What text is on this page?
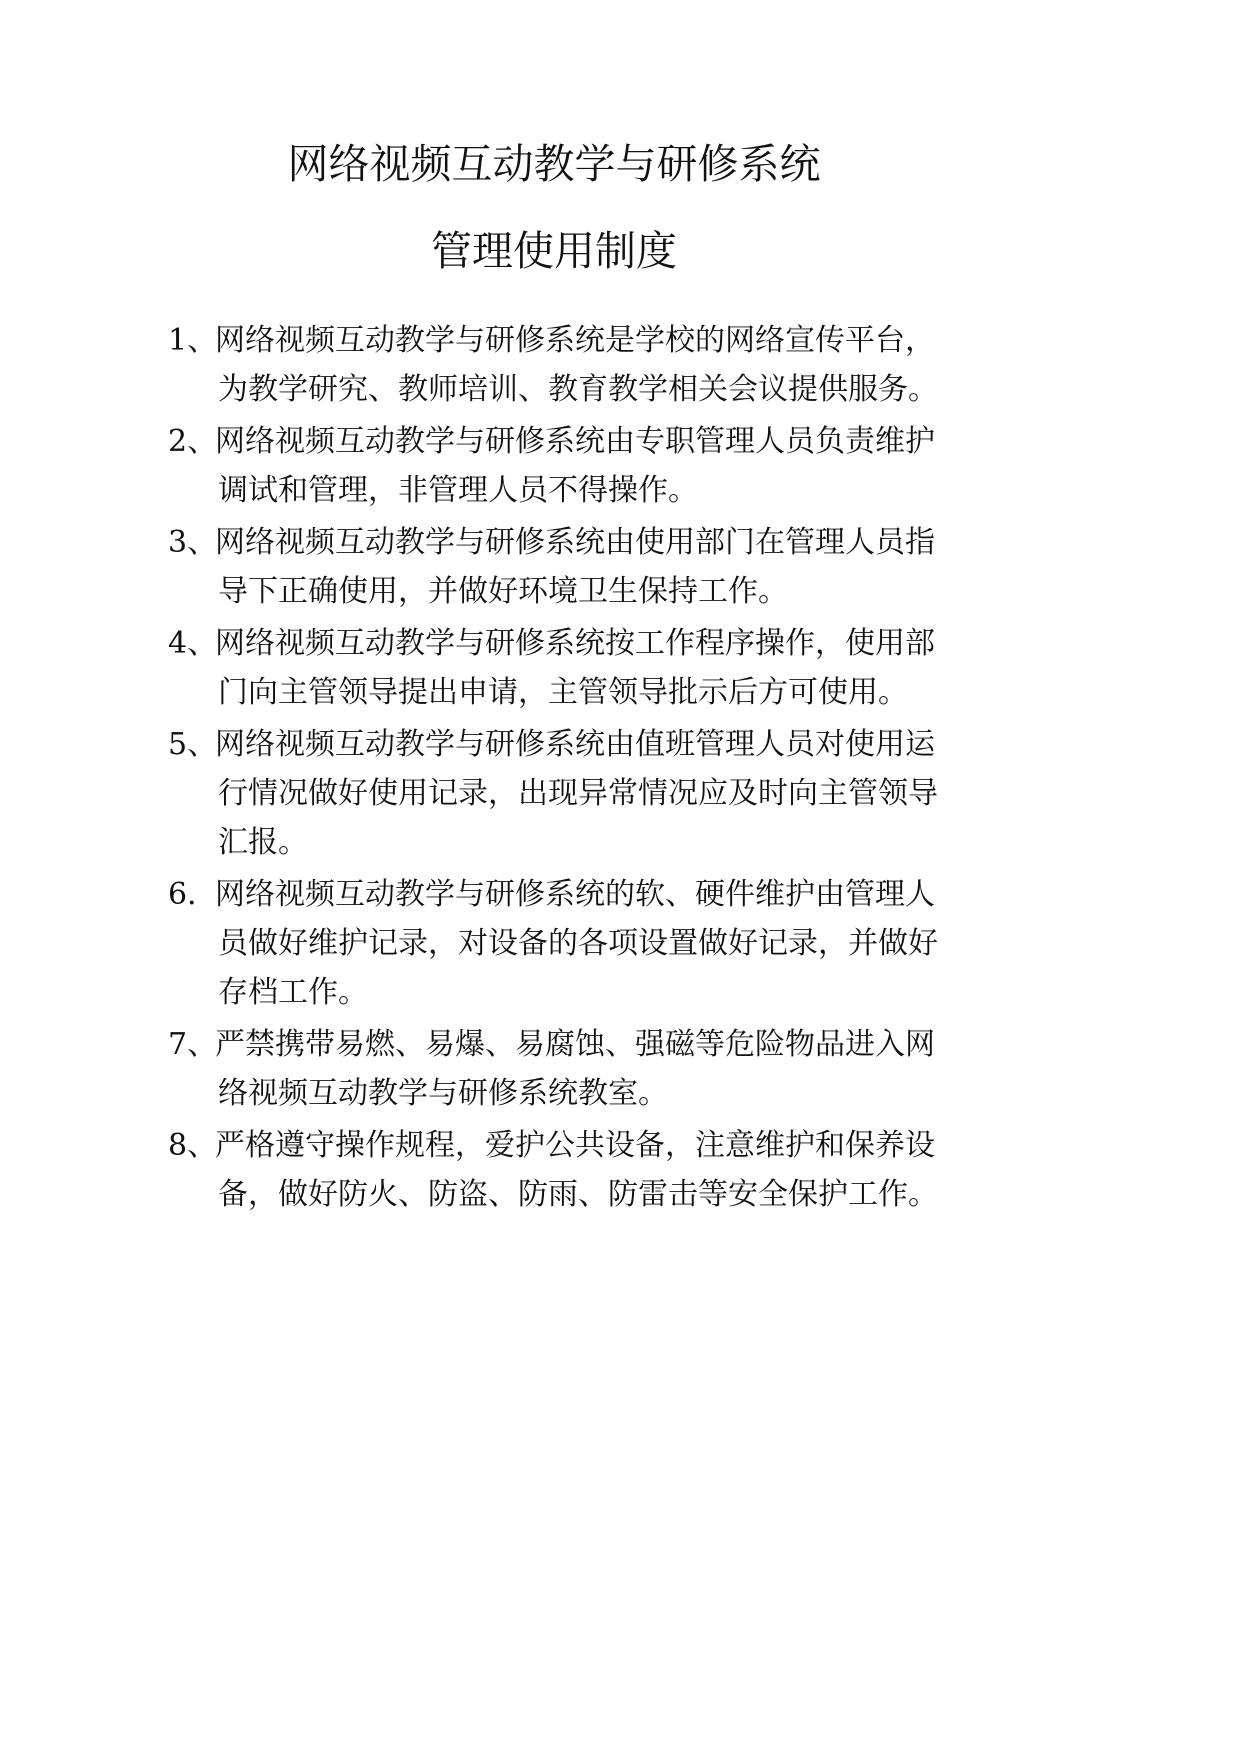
网络视频互动教学与研修系统
管理使用制度
1、网络视频互动教学与研修系统是学校的网络宣传平台，
为教学研究、教师培训、教育教学相关会议提供服务。
2、网络视频互动教学与研修系统由专职管理人员负责维护
调试和管理，非管理人员不得操作。
3、网络视频互动教学与研修系统由使用部门在管理人员指
导下正确使用，并做好环境卫生保持工作。
4、网络视频互动教学与研修系统按工作程序操作，使用部
门向主管领导提出申请，主管领导批示后方可使用。
5、网络视频互动教学与研修系统由值班管理人员对使用运
行情况做好使用记录，出现异常情况应及时向主管领导
汇报。
6．网络视频互动教学与研修系统的软、硬件维护由管理人
员做好维护记录，对设备的各项设置做好记录，并做好
存档工作。
7、严禁携带易燃、易爆、易腐蚀、强磁等危险物品进入网
络视频互动教学与研修系统教室。
8、严格遵守操作规程，爱护公共设备，注意维护和保养设
备，做好防火、防盗、防雨、防雷击等安全保护工作。
